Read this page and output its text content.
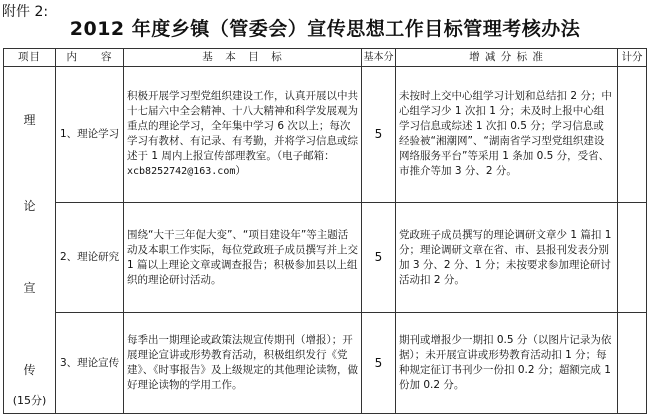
附件 2:
2012 年度乡镇（管委会）宣传思想工作目标管理考核办法
项目	内　　容	基　本　目　标	基本分	增 减 分 标 准	计分

理
论
宣
传
(15分)	1、理论学习	积极开展学习型党组织建设工作，认真开展以中共十七届六中全会精神、十八大精神和科学发展观为重点的理论学习，全年集中学习 6 次以上；每次学习有教材、有记录、有考勤，并将学习信息或综述于 1 周内上报宣传部理教室。（电子邮箱：xcb8252742@163.com）	5	未按时上交中心组学习计划和总结扣 2 分；中心组学习少 1 次扣 1 分；未及时上报中心组学习信息或综述 1 次扣 0.5 分；学习信息或经验被“湘潮网”、“湖南省学习型党组织建设网络服务平台”等采用 1 条加 0.5 分，受省、市推介等加 3 分、2 分。	
	2、理论研究	围绕“大干三年促大变”、“项目建设年”等主题活动及本职工作实际，每位党政班子成员撰写并上交 1 篇以上理论文章或调查报告；积极参加县以上组织的理论研讨活动。	5	党政班子成员撰写的理论调研文章少 1 篇扣 1 分；理论调研文章在省、市、县报刊发表分别加 3 分、2 分、1 分；未按要求参加理论研讨活动扣 2 分。	
	3、理论宣传	每季出一期理论或政策法规宣传期刊（增报）；开展理论宣讲或形势教育活动，积极组织发行《党建》、《时事报告》及上级规定的其他理论读物，做好理论读物的学用工作。	5	期刊或增报少一期扣 0.5 分（以图片记录为依据）；未开展宣讲或形势教育活动扣 1 分；每种规定征订书刊少一份扣 0.2 分；超额完成 1 份加 0.2 分。	
